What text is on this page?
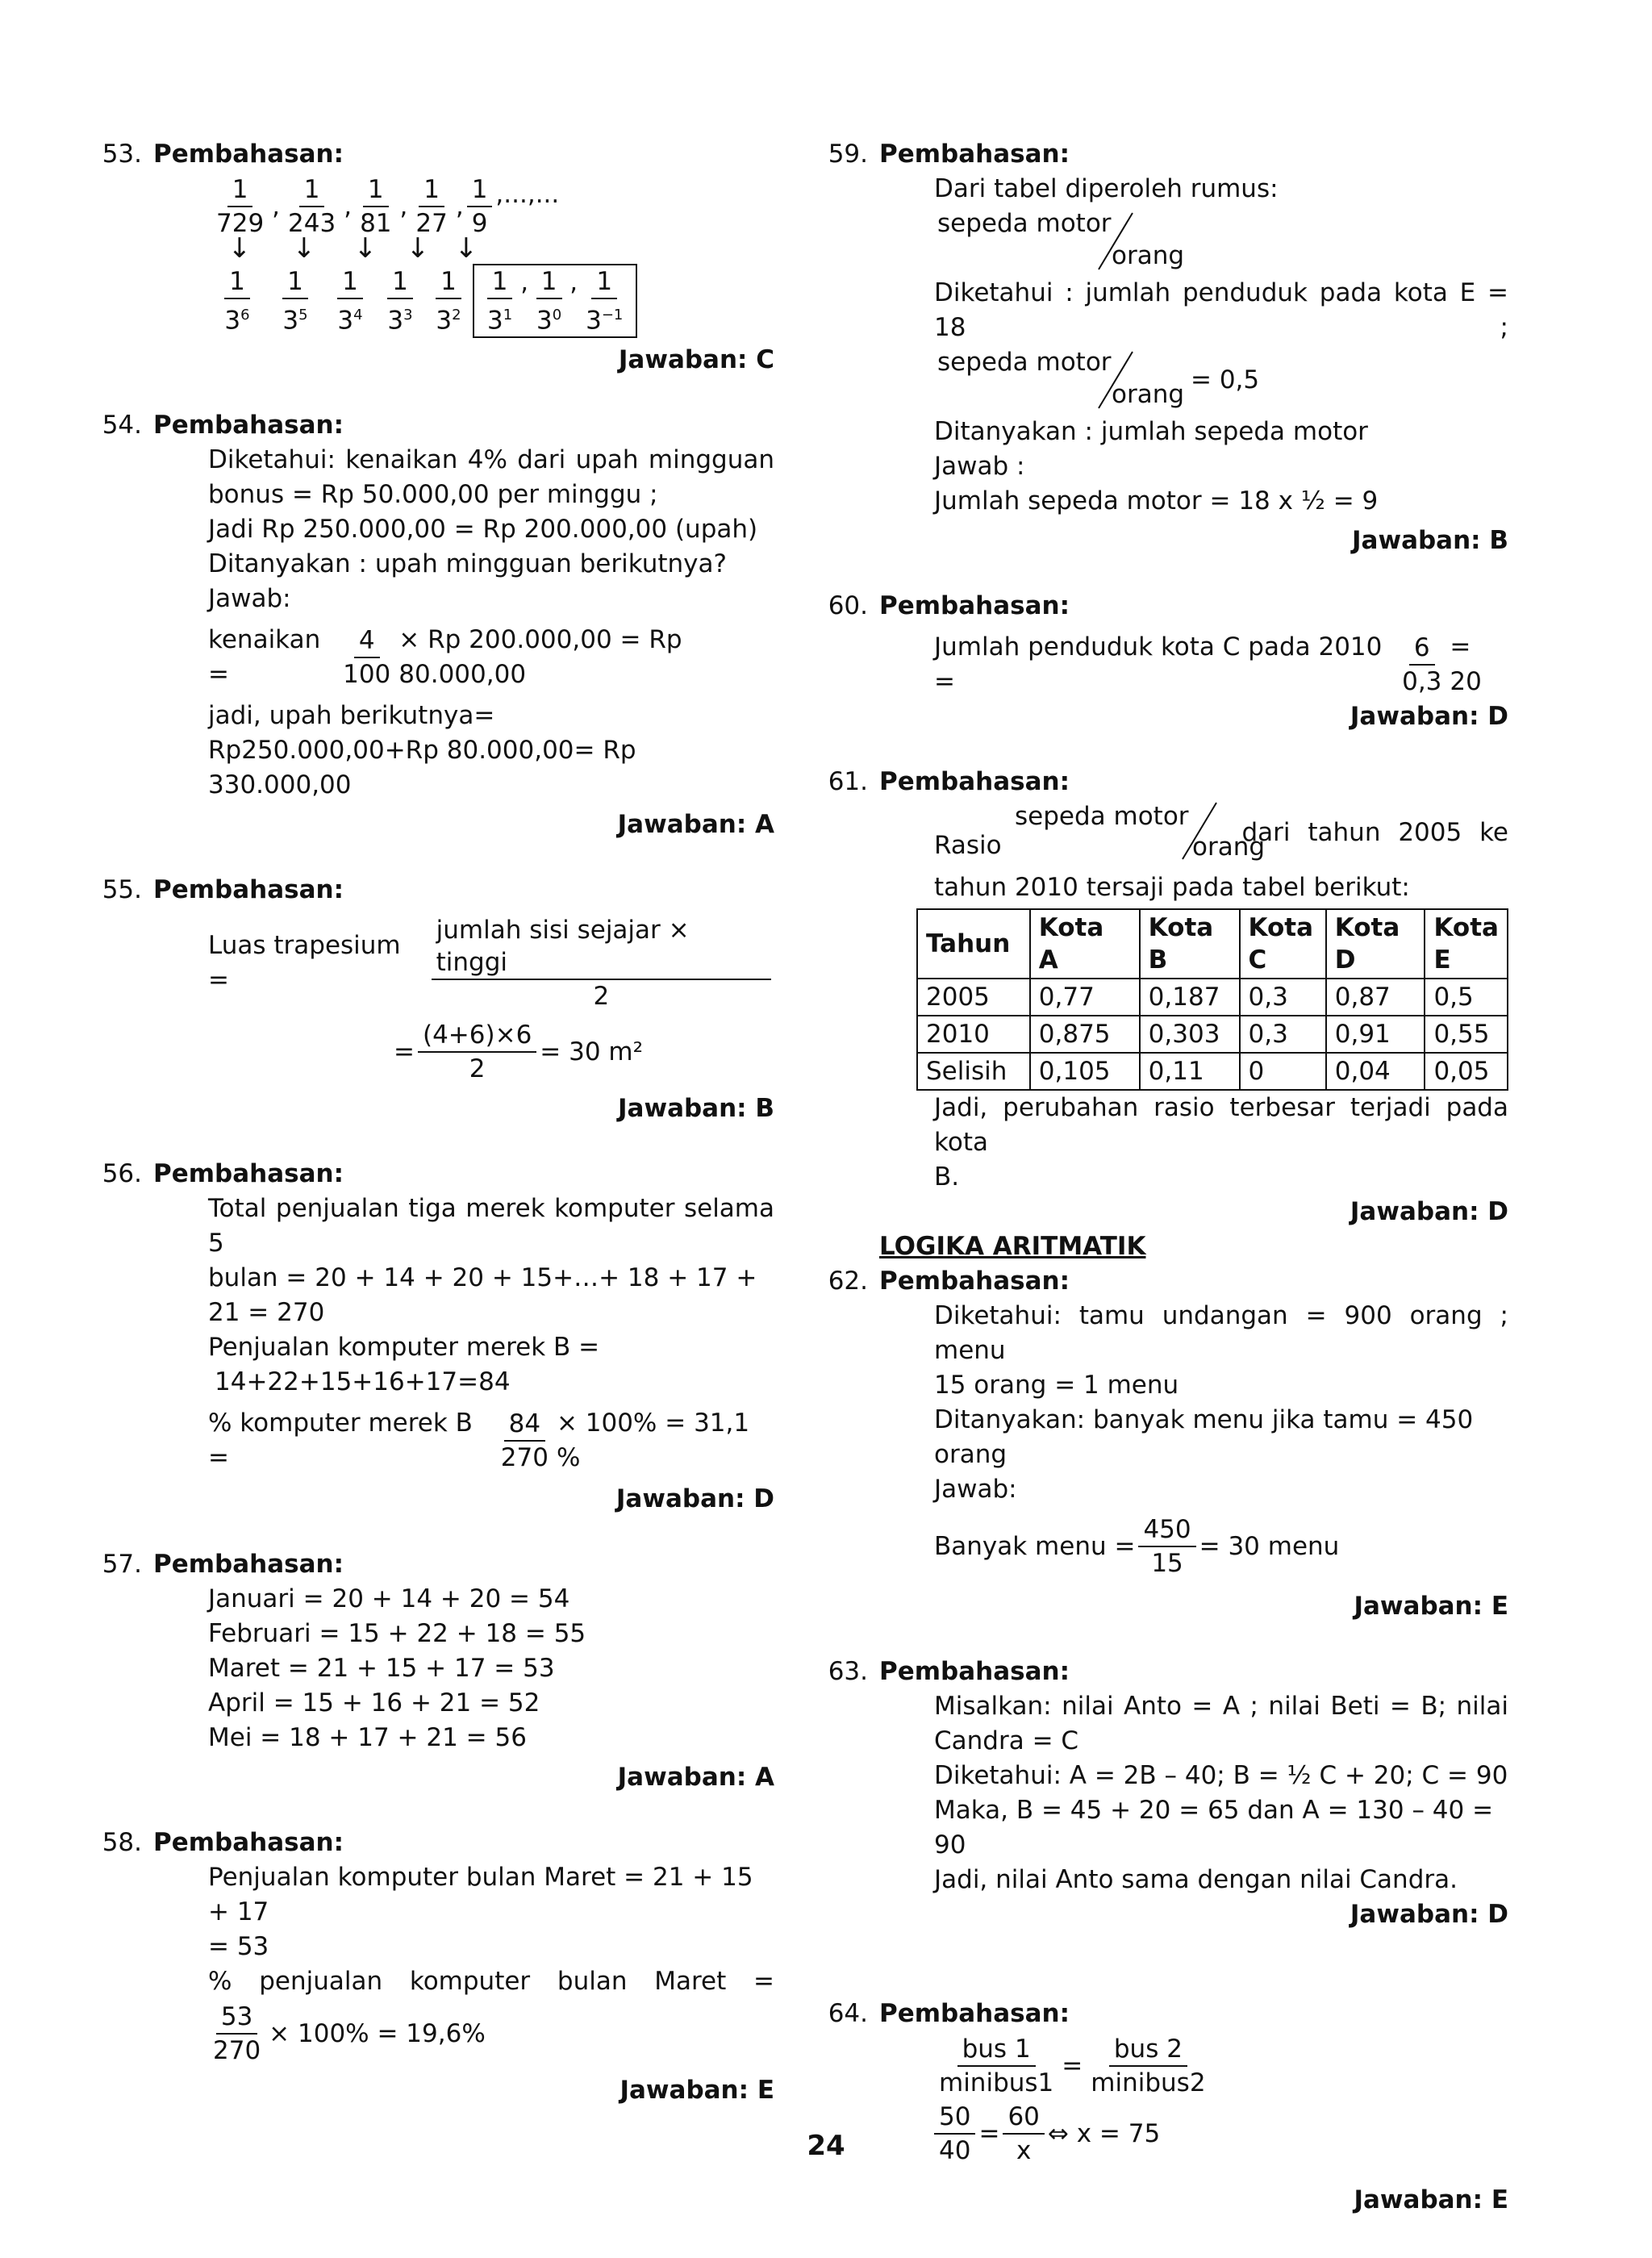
53. Pembahasan:
$\frac{1}{729}$ , $\frac{1}{243}$ , $\frac{1}{81}$ , $\frac{1}{27}$ , $\frac{1}{9}$ ,...,...
↓ ↓ ↓ ↓ ↓
$\frac{1}{3^6} \frac{1}{3^5} \frac{1}{3^4} \frac{1}{3^3} \frac{1}{3^2} \frac{1}{3^1}$ , $\frac{1}{3^0}$ , $\frac{1}{3^{-1}}$
Jawaban: C
54. Pembahasan:

Diketahui: kenaikan 4% dari upah mingguan

bonus = Rp 50.000,00 per minggu ;

Jadi Rp 250.000,00 = Rp 200.000,00 (upah)

Ditanyakan : upah mingguan berikutnya?

Jawab:

kenaikan =	$\frac{4}{100} \times Rp$ 200.000,00 = Rp 80.000,00

jadi, upah berikutnya=

Rp250.000,00+Rp 80.000,00= Rp 330.000,00

Jawaban: A
55. Pembahasan:
Luas trapesium =	$\frac{\text{jumlah sisi sejajar × tinggi}}{2}$
= $\frac{(4+6)\times 6}{2} = 30$ m²
Jawaban: B
56. Pembahasan:

Total penjualan tiga merek komputer selama 5

bulan = 20 + 14 + 20 + 15+…+ 18 + 17 + 21 = 270

Penjualan komputer merek B =

14+22+15+16+17=84

% komputer merek B =	$\frac{84}{270} \times 100\% = 31,1$ %
Jawaban: D
57. Pembahasan:

Januari = 20 + 14 + 20 = 54

Februari = 15 + 22 + 18 = 55

Maret = 21 + 15 + 17 = 53

April = 15 + 16 + 21 = 52

Mei = 18 + 17 + 21 = 56

Jawaban: A
58. Pembahasan:

Penjualan komputer bulan Maret = 21 + 15 + 17

= 53

% penjualan komputer bulan Maret =

$\frac{53}{270} \times 100\% = 19,6\%$
Jawaban: E
59. Pembahasan:

Dari tabel diperoleh rumus:

sepeda motor
orang

Diketahui : jumlah penduduk pada kota E = 18 ;

sepeda motor
orang = 0,5

Ditanyakan : jumlah sepeda motor

Jawab :

Jumlah sepeda motor = 18 x ½ = 9

Jawaban: B
60. Pembahasan:
Jumlah penduduk kota C pada 2010 =	$\frac{6}{0,3} = 20$
Jawaban: D
61. Pembahasan:
Rasio
sepeda motor
orang
dari tahun 2005 ke

tahun 2010 tersaji pada tabel berikut:

Tahun	Kota A	Kota B	Kota C	Kota D	Kota E
2005	0,77	0,187	0,3	0,87	0,5
2010	0,875	0,303	0,3	0,91	0,55
Selisih	0,105	0,11	0	0,04	0,05

Jadi, perubahan rasio terbesar terjadi pada kota

B.

Jawaban: D
LOGIKA ARITMATIK
62. Pembahasan:

Diketahui: tamu undangan = 900 orang ; menu

15 orang = 1 menu

Ditanyakan: banyak menu jika tamu = 450 orang

Jawab:

Banyak menu = $\frac{450}{15} = 30$ menu
Jawaban: E
63. Pembahasan:

Misalkan: nilai Anto = A ; nilai Beti = B; nilai

Candra = C

Diketahui: A = 2B – 40; B = ½ C + 20; C = 90

Maka, B = 45 + 20 = 65 dan A = 130 – 40 = 90

Jadi, nilai Anto sama dengan nilai Candra.

Jawaban: D
64. Pembahasan:
$\frac{\text{bus 1}}{\text{minibus1}} = \frac{\text{bus 2}}{\text{minibus2}}$
$\frac{50}{40} = \frac{60}{x}$ ⇔ x = 75
Jawaban: E
24
